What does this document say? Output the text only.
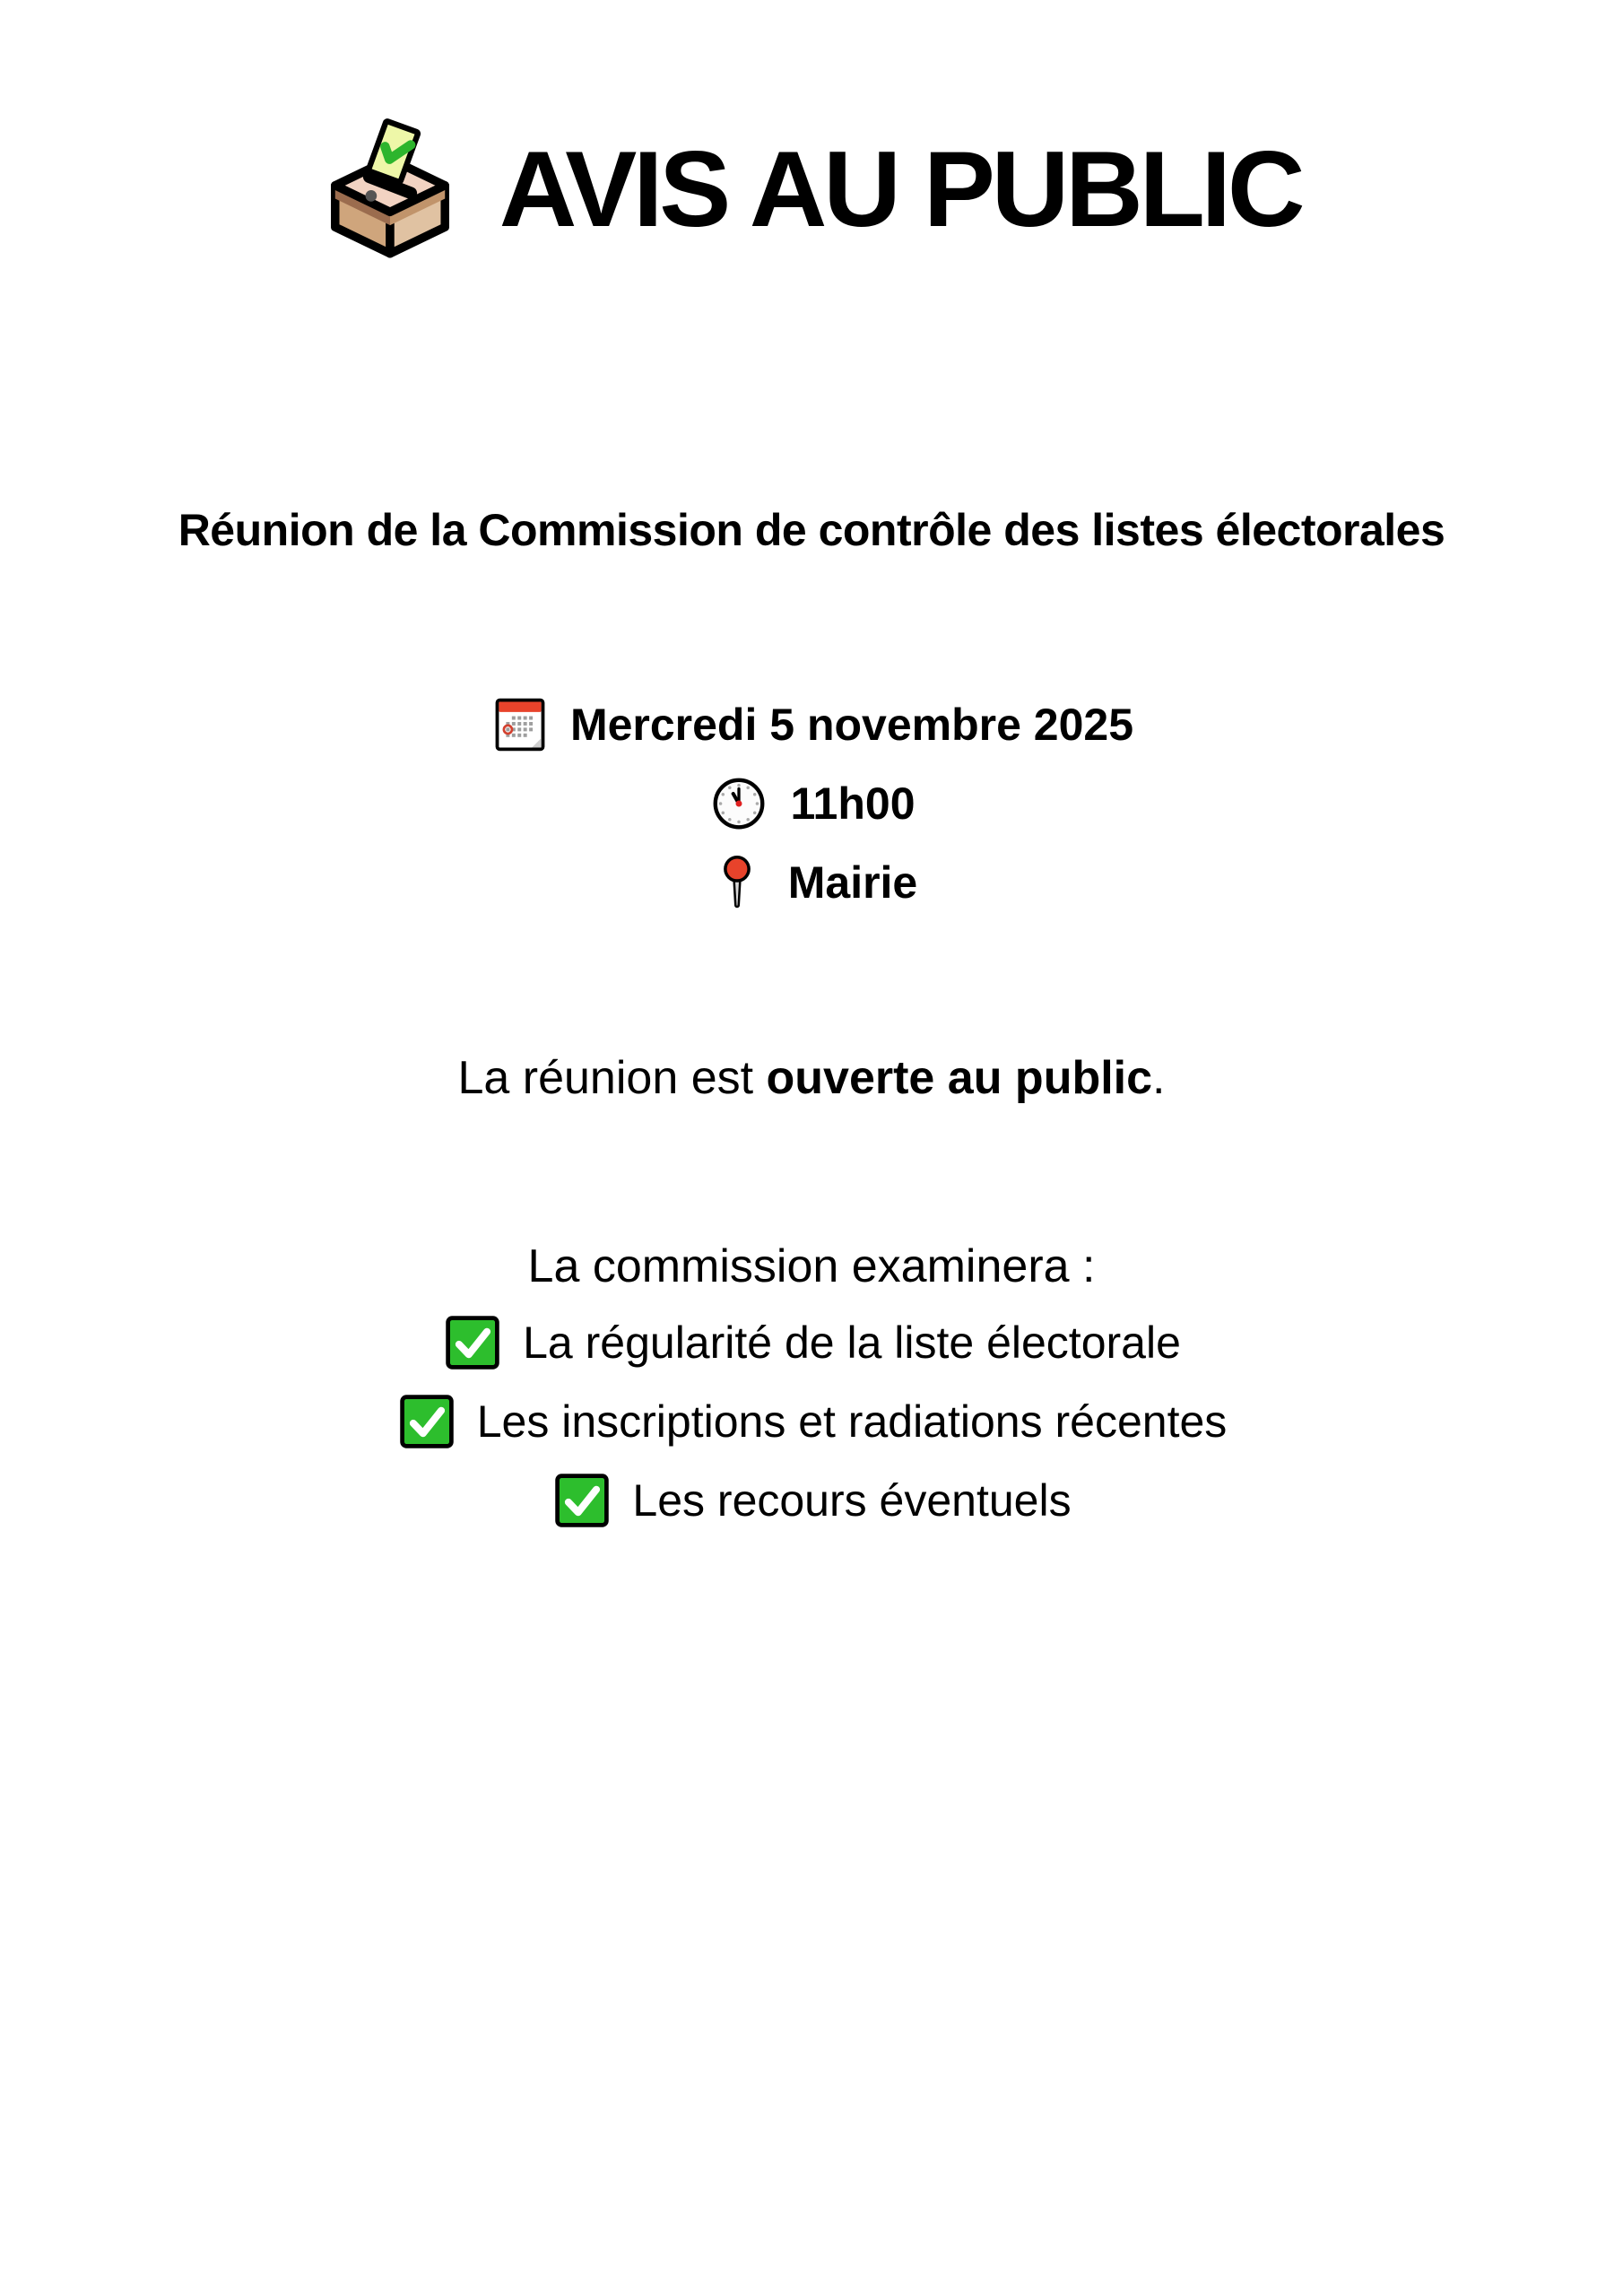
AVIS AU PUBLIC
Réunion de la Commission de contrôle des listes électorales
Mercredi 5 novembre 2025
11h00
Mairie
La réunion est ouverte au public.
La commission examinera :
La régularité de la liste électorale
Les inscriptions et radiations récentes
Les recours éventuels
